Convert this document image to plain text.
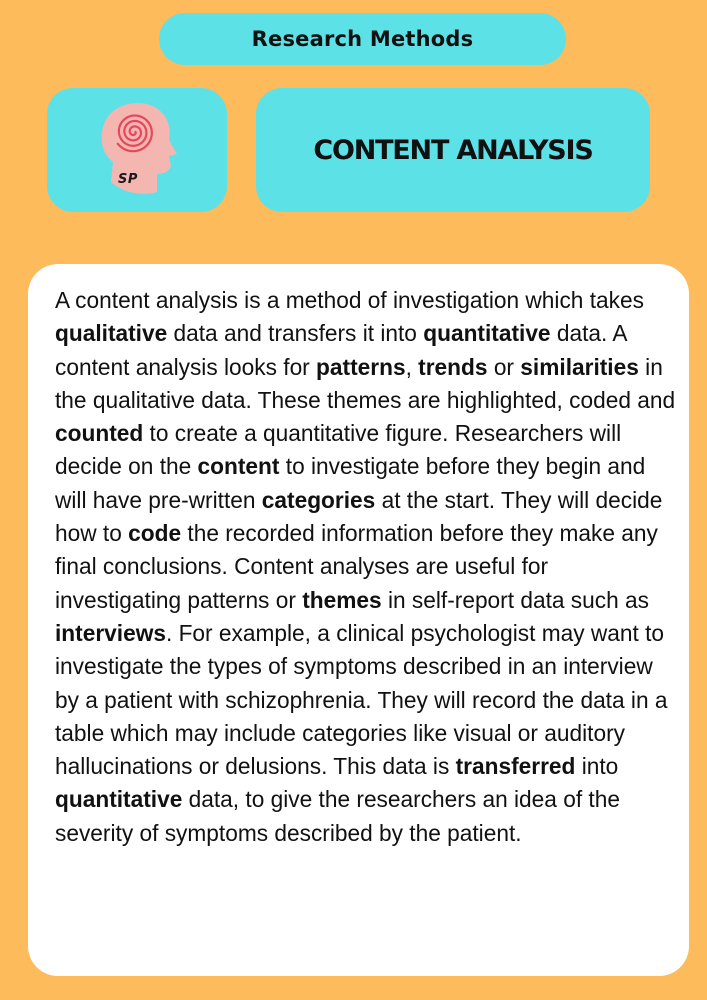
Research Methods
SP
CONTENT ANALYSIS

A content analysis is a method of investigation which takes qualitative data and transfers it into quantitative data. A content analysis looks for patterns, trends or similarities in the qualitative data. These themes are highlighted, coded and counted to create a quantitative figure. Researchers will decide on the content to investigate before they begin and will have pre-written categories at the start. They will decide how to code the recorded information before they make any final conclusions. Content analyses are useful for investigating patterns or themes in self-report data such as interviews. For example, a clinical psychologist may want to investigate the types of symptoms described in an interview by a patient with schizophrenia. They will record the data in a table which may include categories like visual or auditory hallucinations or delusions. This data is transferred into quantitative data, to give the researchers an idea of the severity of symptoms described by the patient.
